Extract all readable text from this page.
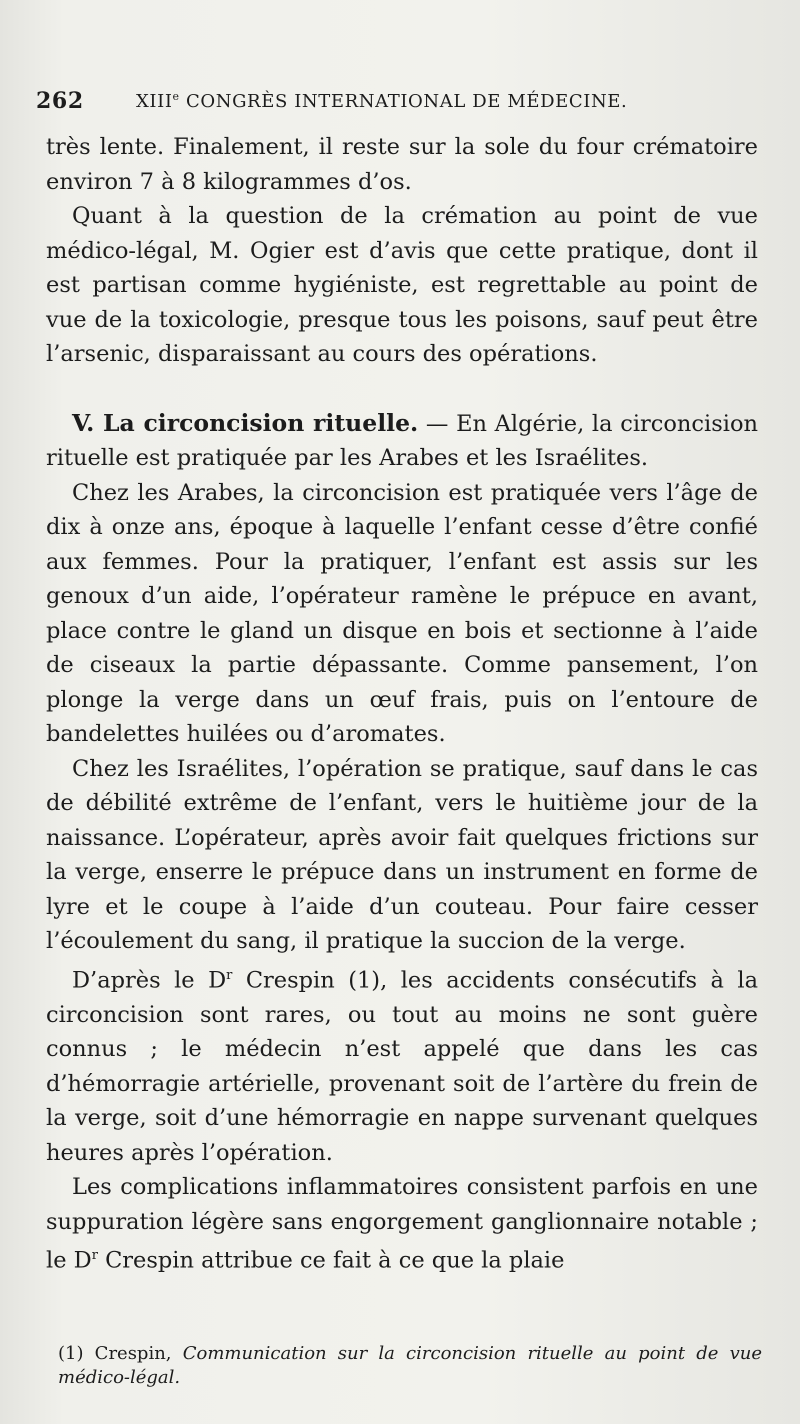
262	XIIIe CONGRÈS INTERNATIONAL DE MÉDECINE.

très lente. Finalement, il reste sur la sole du four crématoire environ 7 à 8 kilogrammes d’os.

Quant à la question de la crémation au point de vue médico-légal, M. Ogier est d’avis que cette pratique, dont il est partisan comme hygiéniste, est regrettable au point de vue de la toxicologie, presque tous les poisons, sauf peut être l’arsenic, disparaissant au cours des opérations.

V. La circoncision rituelle. — En Algérie, la circoncision rituelle est pratiquée par les Arabes et les Israélites.

Chez les Arabes, la circoncision est pratiquée vers l’âge de dix à onze ans, époque à laquelle l’enfant cesse d’être confié aux femmes. Pour la pratiquer, l’enfant est assis sur les genoux d’un aide, l’opérateur ramène le prépuce en avant, place contre le gland un disque en bois et sectionne à l’aide de ciseaux la partie dépassante. Comme pansement, l’on plonge la verge dans un œuf frais, puis on l’entoure de bandelettes huilées ou d’aromates.

Chez les Israélites, l’opération se pratique, sauf dans le cas de débilité extrême de l’enfant, vers le huitième jour de la naissance. L’opérateur, après avoir fait quelques frictions sur la verge, enserre le prépuce dans un instrument en forme de lyre et le coupe à l’aide d’un couteau. Pour faire cesser l’écoulement du sang, il pratique la succion de la verge.

D’après le $D^r$ Crespin (1), les accidents consécutifs à la circoncision sont rares, ou tout au moins ne sont guère connus ; le médecin n’est appelé que dans les cas d’hémorragie artérielle, provenant soit de l’artère du frein de la verge, soit d’une hémorragie en nappe survenant quelques heures après l’opération.

Les complications inflammatoires consistent parfois en une suppuration légère sans engorgement ganglionnaire notable ; le $D^r$ Crespin attribue ce fait à ce que la plaie

(1) Crespin, Communication sur la circoncision rituelle au point de vue médico-légal.
